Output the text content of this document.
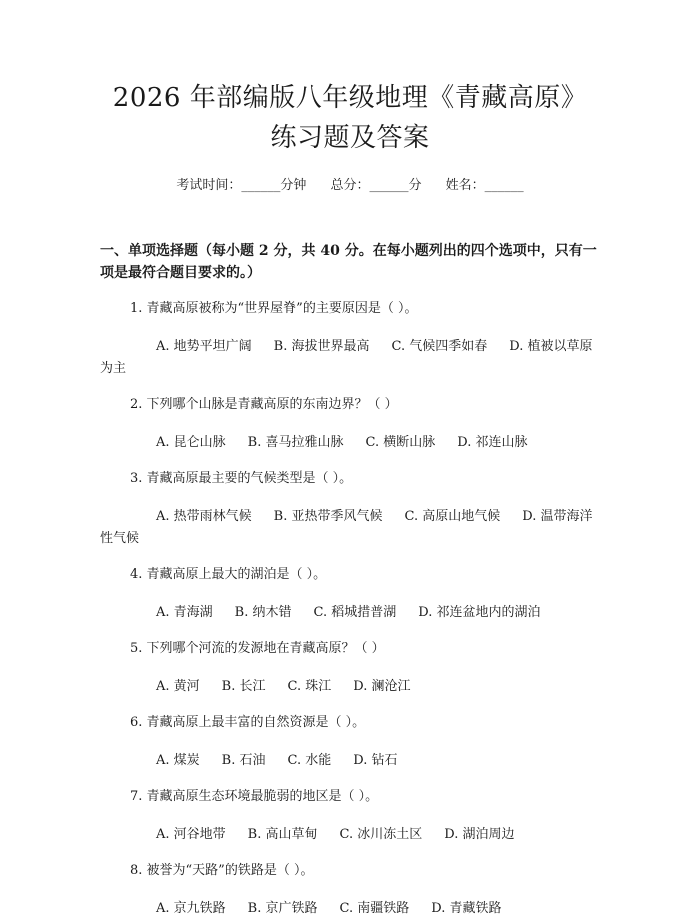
2026 年部编版八年级地理《青藏高原》练习题及答案
考试时间：______分钟 总分：______分 姓名：______
一、单项选择题（每小题 2 分，共 40 分。在每小题列出的四个选项中，只有一项是最符合题目要求的。）
1. 青藏高原被称为“世界屋脊”的主要原因是（ ）。
A. 地势平坦广阔 B. 海拔世界最高 C. 气候四季如春 D. 植被以草原为主
2. 下列哪个山脉是青藏高原的东南边界？（ ）
A. 昆仑山脉 B. 喜马拉雅山脉 C. 横断山脉 D. 祁连山脉
3. 青藏高原最主要的气候类型是（ ）。
A. 热带雨林气候 B. 亚热带季风气候 C. 高原山地气候 D. 温带海洋性气候
4. 青藏高原上最大的湖泊是（ ）。
A. 青海湖 B. 纳木错 C. 稻城措普湖 D. 祁连盆地内的湖泊
5. 下列哪个河流的发源地在青藏高原？（ ）
A. 黄河 B. 长江 C. 珠江 D. 澜沧江
6. 青藏高原上最丰富的自然资源是（ ）。
A. 煤炭 B. 石油 C. 水能 D. 钻石
7. 青藏高原生态环境最脆弱的地区是（ ）。
A. 河谷地带 B. 高山草甸 C. 冰川冻土区 D. 湖泊周边
8. 被誉为“天路”的铁路是（ ）。
A. 京九铁路 B. 京广铁路 C. 南疆铁路 D. 青藏铁路
